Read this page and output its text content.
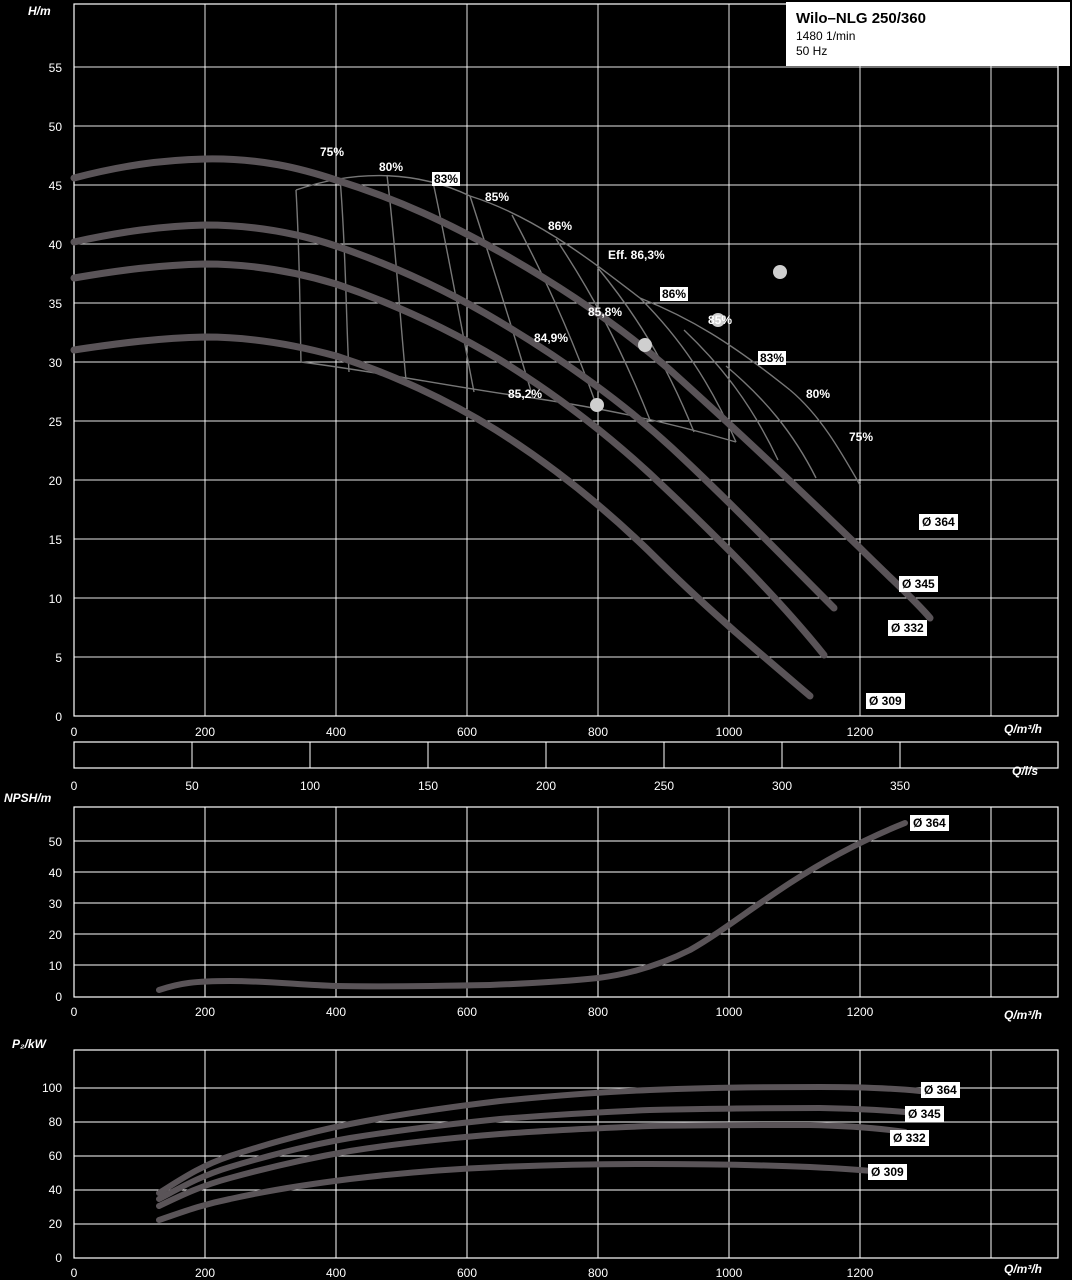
0	200	400	600	800	1000	1200
0
5
10
15
20
25
30
35
40
45
50
55
0	50	100	150	200	250	300	350
H/m
Q/m³/h
Q/l/s
Wilo–NLG 250/360
1480 1/min
50 Hz
75%
80%
83%
85%
86%
Eff. 86,3%
86%
85%
83%
80%
75%
85,8%
84,9%
85,2%
Ø 364
Ø 345
Ø 332
Ø 309
0	200	400	600	800	1000	1200
0
10
20
30
40
50
NPSH/m
Q/m³/h
Ø 364
0	200	400	600	800	1000	1200
0
20
40
60
80
100
P₂/kW
Q/m³/h
Ø 364
Ø 345
Ø 332
Ø 309
